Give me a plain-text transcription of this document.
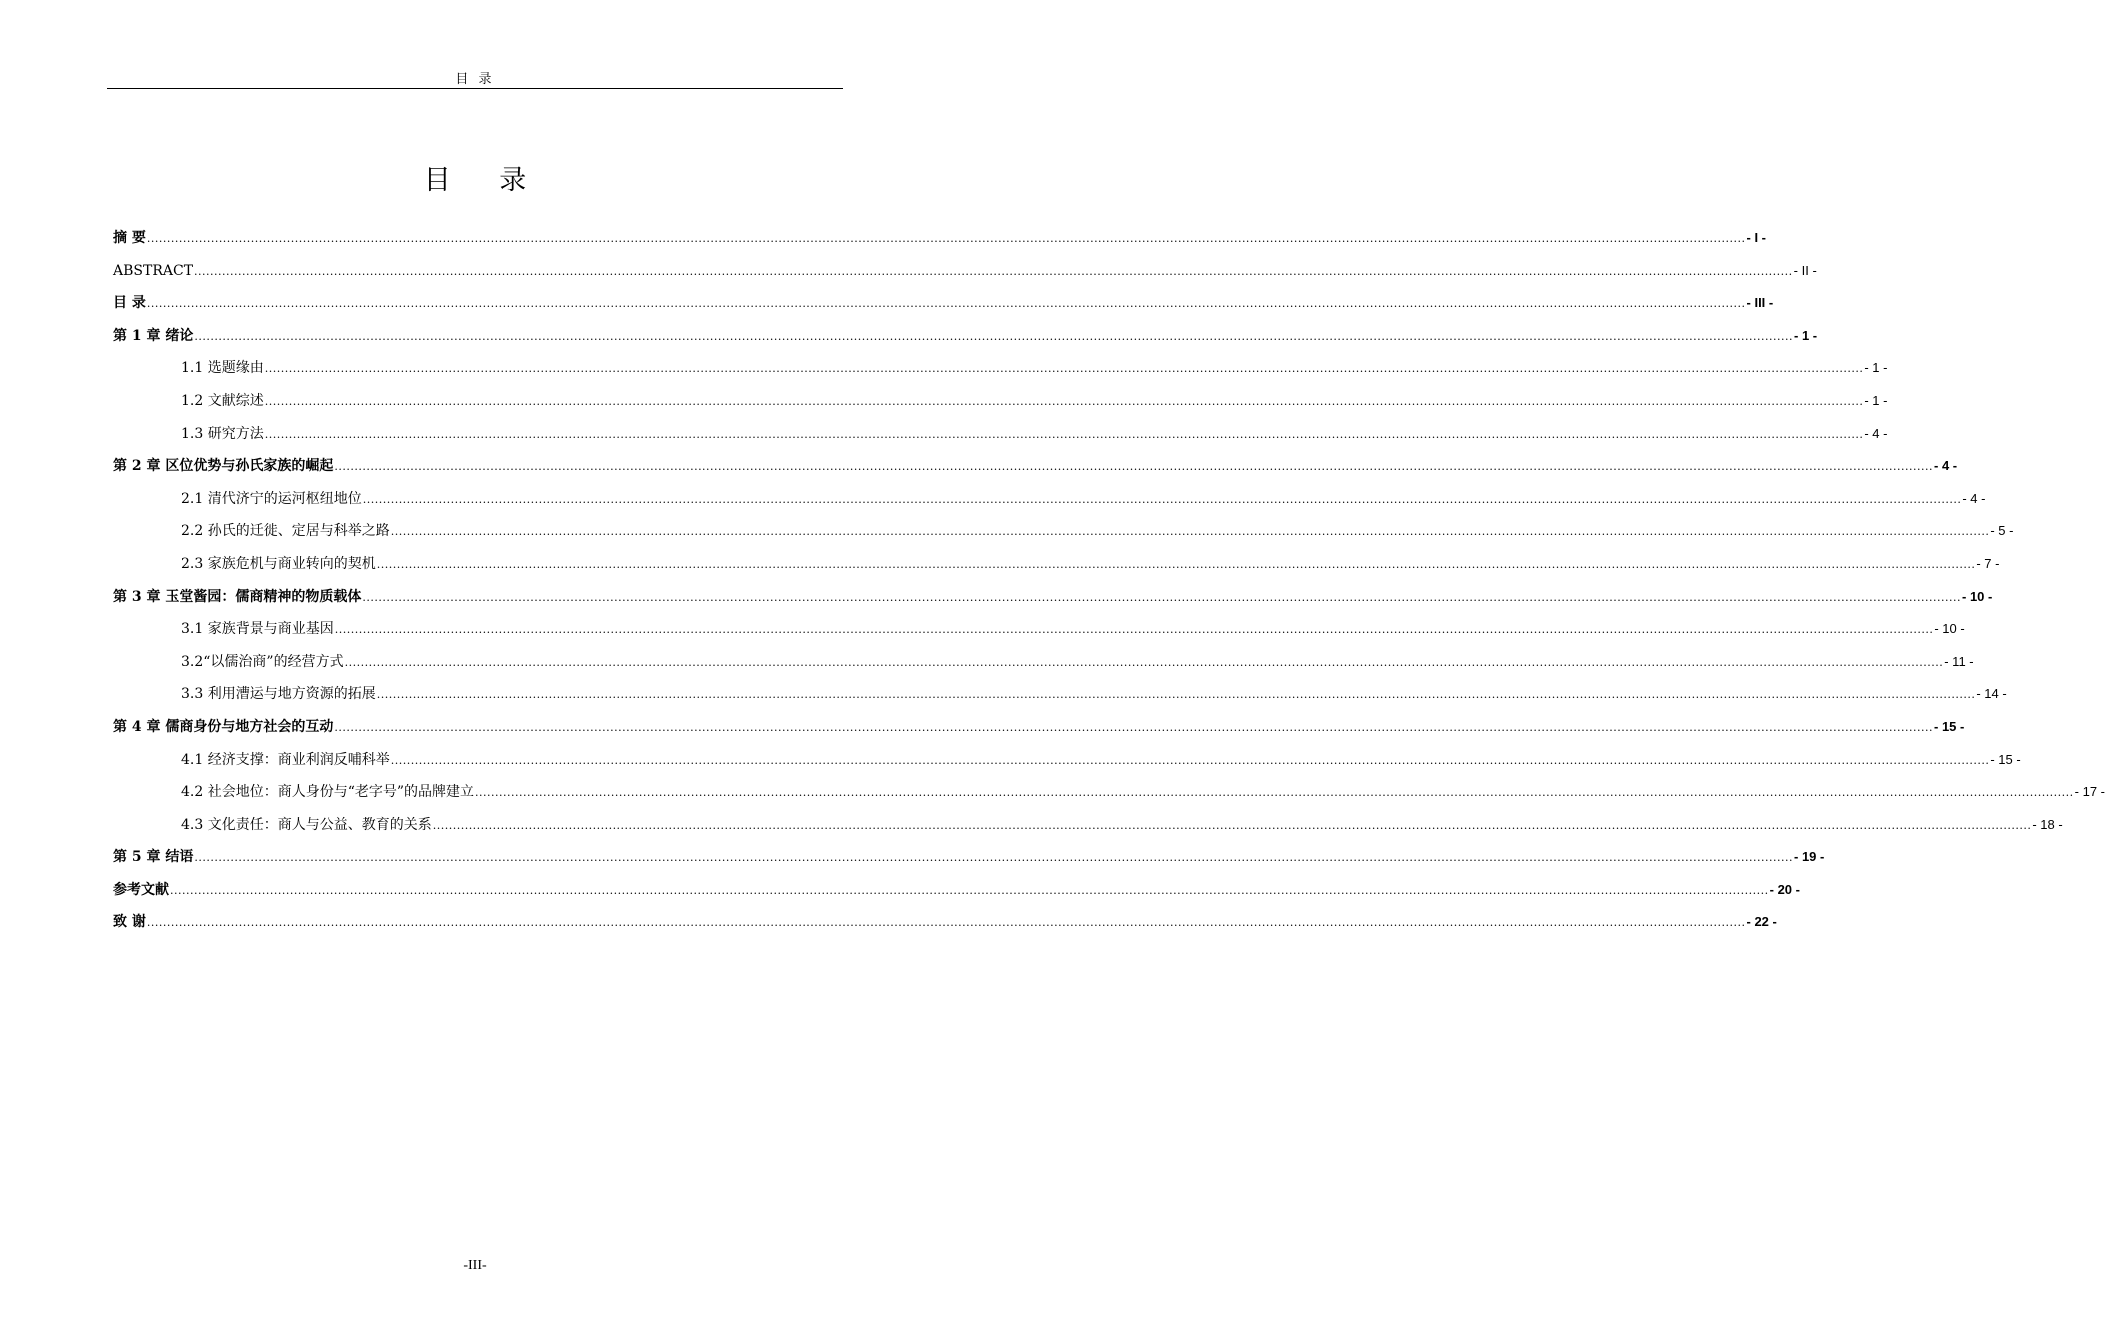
目 录
目 录
摘 要 ................................................................................................................................................................................................................................................................................................................................................................................................................ - I -
ABSTRACT ................................................................................................................................................................................................................................................................................................................................................................................................................ - II -
目 录 ................................................................................................................................................................................................................................................................................................................................................................................................................ - III -
第 1 章 绪论 ................................................................................................................................................................................................................................................................................................................................................................................................................ - 1 -
1.1 选题缘由 ................................................................................................................................................................................................................................................................................................................................................................................................................ - 1 -
1.2 文献综述 ................................................................................................................................................................................................................................................................................................................................................................................................................ - 1 -
1.3 研究方法 ................................................................................................................................................................................................................................................................................................................................................................................................................ - 4 -
第 2 章 区位优势与孙氏家族的崛起 ................................................................................................................................................................................................................................................................................................................................................................................................................ - 4 -
2.1 清代济宁的运河枢纽地位 ................................................................................................................................................................................................................................................................................................................................................................................................................ - 4 -
2.2 孙氏的迁徙、定居与科举之路 ................................................................................................................................................................................................................................................................................................................................................................................................................ - 5 -
2.3 家族危机与商业转向的契机 ................................................................................................................................................................................................................................................................................................................................................................................................................ - 7 -
第 3 章 玉堂酱园：儒商精神的物质载体 ................................................................................................................................................................................................................................................................................................................................................................................................................ - 10 -
3.1 家族背景与商业基因 ................................................................................................................................................................................................................................................................................................................................................................................................................ - 10 -
3.2“以儒治商”的经营方式 ................................................................................................................................................................................................................................................................................................................................................................................................................ - 11 -
3.3 利用漕运与地方资源的拓展 ................................................................................................................................................................................................................................................................................................................................................................................................................ - 14 -
第 4 章 儒商身份与地方社会的互动 ................................................................................................................................................................................................................................................................................................................................................................................................................ - 15 -
4.1 经济支撑：商业利润反哺科举 ................................................................................................................................................................................................................................................................................................................................................................................................................ - 15 -
4.2 社会地位：商人身份与“老字号”的品牌建立 ................................................................................................................................................................................................................................................................................................................................................................................................................ - 17 -
4.3 文化责任：商人与公益、教育的关系 ................................................................................................................................................................................................................................................................................................................................................................................................................ - 18 -
第 5 章 结语 ................................................................................................................................................................................................................................................................................................................................................................................................................ - 19 -
参考文献 ................................................................................................................................................................................................................................................................................................................................................................................................................ - 20 -
致 谢 ................................................................................................................................................................................................................................................................................................................................................................................................................ - 22 -
-III-
